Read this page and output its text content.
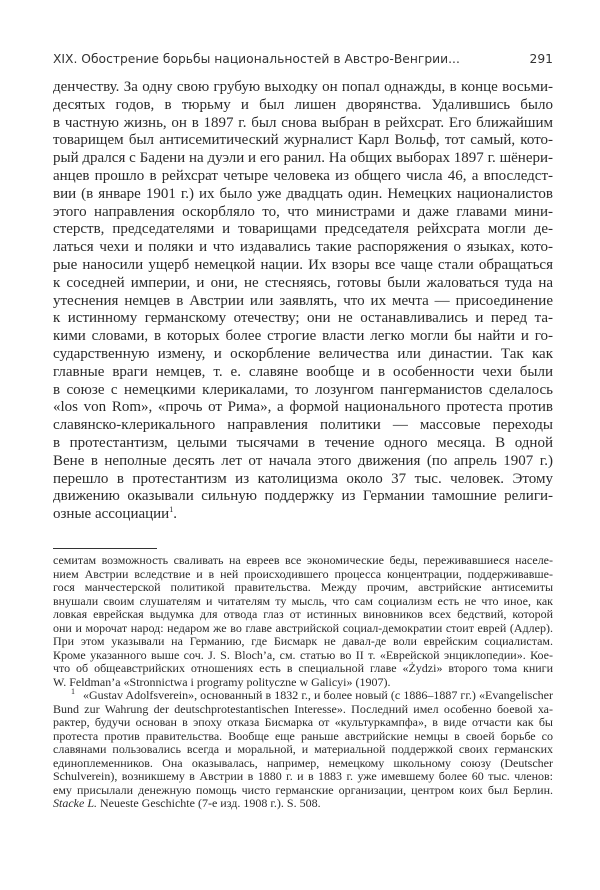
XIX. Обострение борьбы национальностей в Австро-Венгрии...	291
денчеству. За одну свою грубую выходку он попал однажды, в конце восьми-
десятых годов, в тюрьму и был лишен дворянства. Удалившись было
в частную жизнь, он в 1897 г. был снова выбран в рейхсрат. Его ближайшим
товарищем был антисемитический журналист Карл Вольф, тот самый, кото-
рый дрался с Бадени на дуэли и его ранил. На общих выборах 1897 г. шёнери-
анцев прошло в рейхсрат четыре человека из общего числа 46, а впоследст-
вии (в январе 1901 г.) их было уже двадцать один. Немецких националистов
этого направления оскорбляло то, что министрами и даже главами мини-
стерств, председателями и товарищами председателя рейхсрата могли де-
латься чехи и поляки и что издавались такие распоряжения о языках, кото-
рые наносили ущерб немецкой нации. Их взоры все чаще стали обращаться
к соседней империи, и они, не стесняясь, готовы были жаловаться туда на
утеснения немцев в Австрии или заявлять, что их мечта — присоединение
к истинному германскому отечеству; они не останавливались и перед та-
кими словами, в которых более строгие власти легко могли бы найти и го-
сударственную измену, и оскорбление величества или династии. Так как
главные враги немцев, т. е. славяне вообще и в особенности чехи были
в союзе с немецкими клерикалами, то лозунгом пангерманистов сделалось
«los von Rom», «прочь от Рима», а формой национального протеста против
славянско-клерикального направления политики — массовые переходы
в протестантизм, целыми тысячами в течение одного месяца. В одной
Вене в неполные десять лет от начала этого движения (по апрель 1907 г.)
перешло в протестантизм из католицизма около 37 тыс. человек. Этому
движению оказывали сильную поддержку из Германии тамошние религи-
озные ассоциации$^1$.
семитам возможность сваливать на евреев все экономические беды, переживавшиеся населе-
нием Австрии вследствие и в ней происходившего процесса концентрации, поддерживавше-
гося манчестерской политикой правительства. Между прочим, австрийские антисемиты
внушали своим слушателям и читателям ту мысль, что сам социализм есть не что иное, как
ловкая еврейская выдумка для отвода глаз от истинных виновников всех бедствий, которой
они и морочат народ: недаром же во главе австрийской социал-демократии стоит еврей (Адлер).
При этом указывали на Германию, где Бисмарк не давал-де воли еврейским социалистам.
Кроме указанного выше соч. J. S. Bloch’a, см. статью во II т. «Еврейской энциклопедии». Кое-
что об общеавстрийских отношениях есть в специальной главе «Żydzi» второго тома книги
W. Feldman’a «Stronnictwa i programy polityczne w Galicyi» (1907).
$^1$ «Gustav Adolfsverein», основанный в 1832 г., и более новый (с 1886–1887 гг.) «Evangelischer
Bund zur Wahrung der deutschprotestantischen Interesse». Последний имел особенно боевой ха-
рактер, будучи основан в эпоху отказа Бисмарка от «культуркампфа», в виде отчасти как бы
протеста против правительства. Вообще еще раньше австрийские немцы в своей борьбе со
славянами пользовались всегда и моральной, и материальной поддержкой своих германских
единоплеменников. Она оказывалась, например, немецкому школьному союзу (Deutscher
Schulverein), возникшему в Австрии в 1880 г. и в 1883 г. уже имевшему более 60 тыс. членов:
ему присылали денежную помощь чисто германские организации, центром коих был Берлин.
Stacke L. Neueste Geschichte (7-е изд. 1908 г.). S. 508.
